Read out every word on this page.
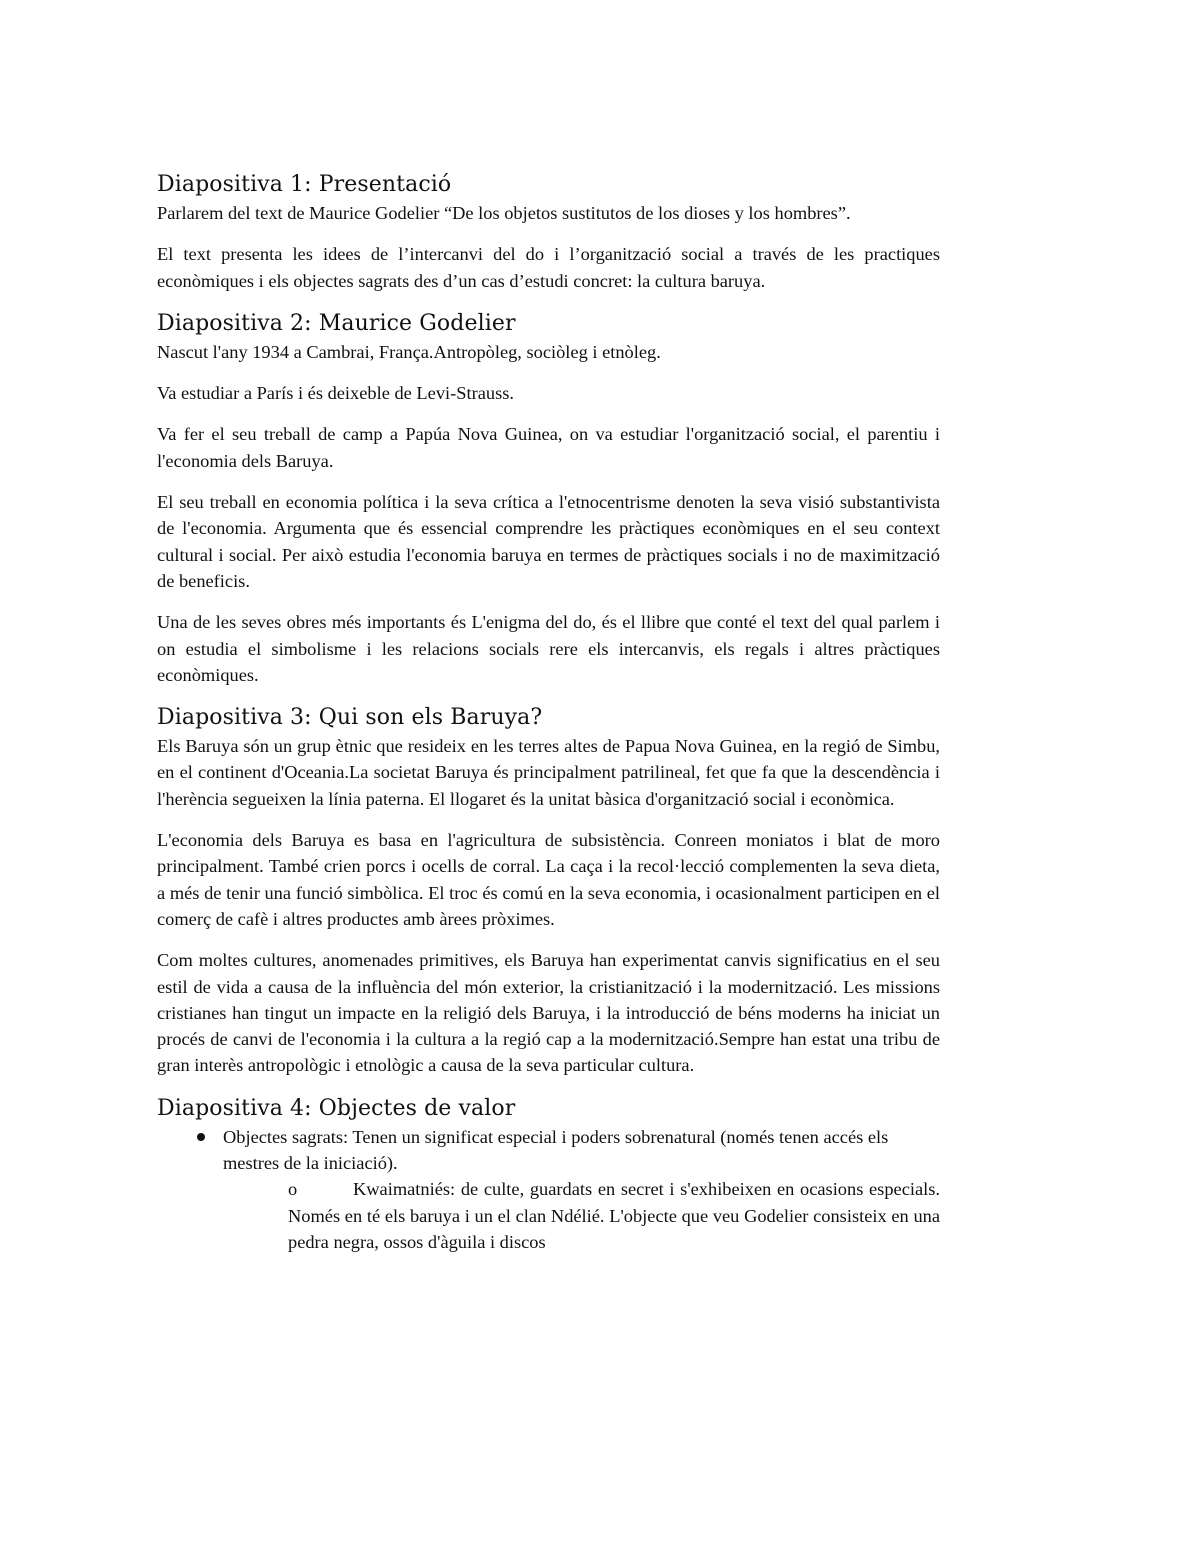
Diapositiva 1: Presentació

Parlarem del text de Maurice Godelier “De los objetos sustitutos de los dioses y los hombres”.

El text presenta les idees de l’intercanvi del do i l’organització social a través de les practiques econòmiques i els objectes sagrats des d’un cas d’estudi concret: la cultura baruya.

Diapositiva 2: Maurice Godelier

Nascut l'any 1934 a Cambrai, França.Antropòleg, sociòleg i etnòleg.

Va estudiar a París i és deixeble de Levi-Strauss.

Va fer el seu treball de camp a Papúa Nova Guinea, on va estudiar l'organització social, el parentiu i l'economia dels Baruya.

El seu treball en economia política i la seva crítica a l'etnocentrisme denoten la seva visió substantivista de l'economia. Argumenta que és essencial comprendre les pràctiques econòmiques en el seu context cultural i social. Per això estudia l'economia baruya en termes de pràctiques socials i no de maximització de beneficis.

Una de les seves obres més importants és L'enigma del do, és el llibre que conté el text del qual parlem i on estudia el simbolisme i les relacions socials rere els intercanvis, els regals i altres pràctiques econòmiques.

Diapositiva 3: Qui son els Baruya?

Els Baruya són un grup ètnic que resideix en les terres altes de Papua Nova Guinea, en la regió de Simbu, en el continent d'Oceania.La societat Baruya és principalment patrilineal, fet que fa que la descendència i l'herència segueixen la línia paterna. El llogaret és la unitat bàsica d'organització social i econòmica.

L'economia dels Baruya es basa en l'agricultura de subsistència. Conreen moniatos i blat de moro principalment. També crien porcs i ocells de corral. La caça i la recol·lecció complementen la seva dieta, a més de tenir una funció simbòlica. El troc és comú en la seva economia, i ocasionalment participen en el comerç de cafè i altres productes amb àrees pròximes.

Com moltes cultures, anomenades primitives, els Baruya han experimentat canvis significatius en el seu estil de vida a causa de la influència del món exterior, la cristianització i la modernització. Les missions cristianes han tingut un impacte en la religió dels Baruya, i la introducció de béns moderns ha iniciat un procés de canvi de l'economia i la cultura a la regió cap a la modernització.Sempre han estat una tribu de gran interès antropològic i etnològic a causa de la seva particular cultura.

Diapositiva 4: Objectes de valor
Objectes sagrats: Tenen un significat especial i poders sobrenatural (només tenen accés els mestres de la iniciació).
o	Kwaimatniés: de culte, guardats en secret i s'exhibeixen en ocasions especials. Només en té els baruya i un el clan Ndélié. L'objecte que veu Godelier consisteix en una pedra negra, ossos d'àguila i discos
